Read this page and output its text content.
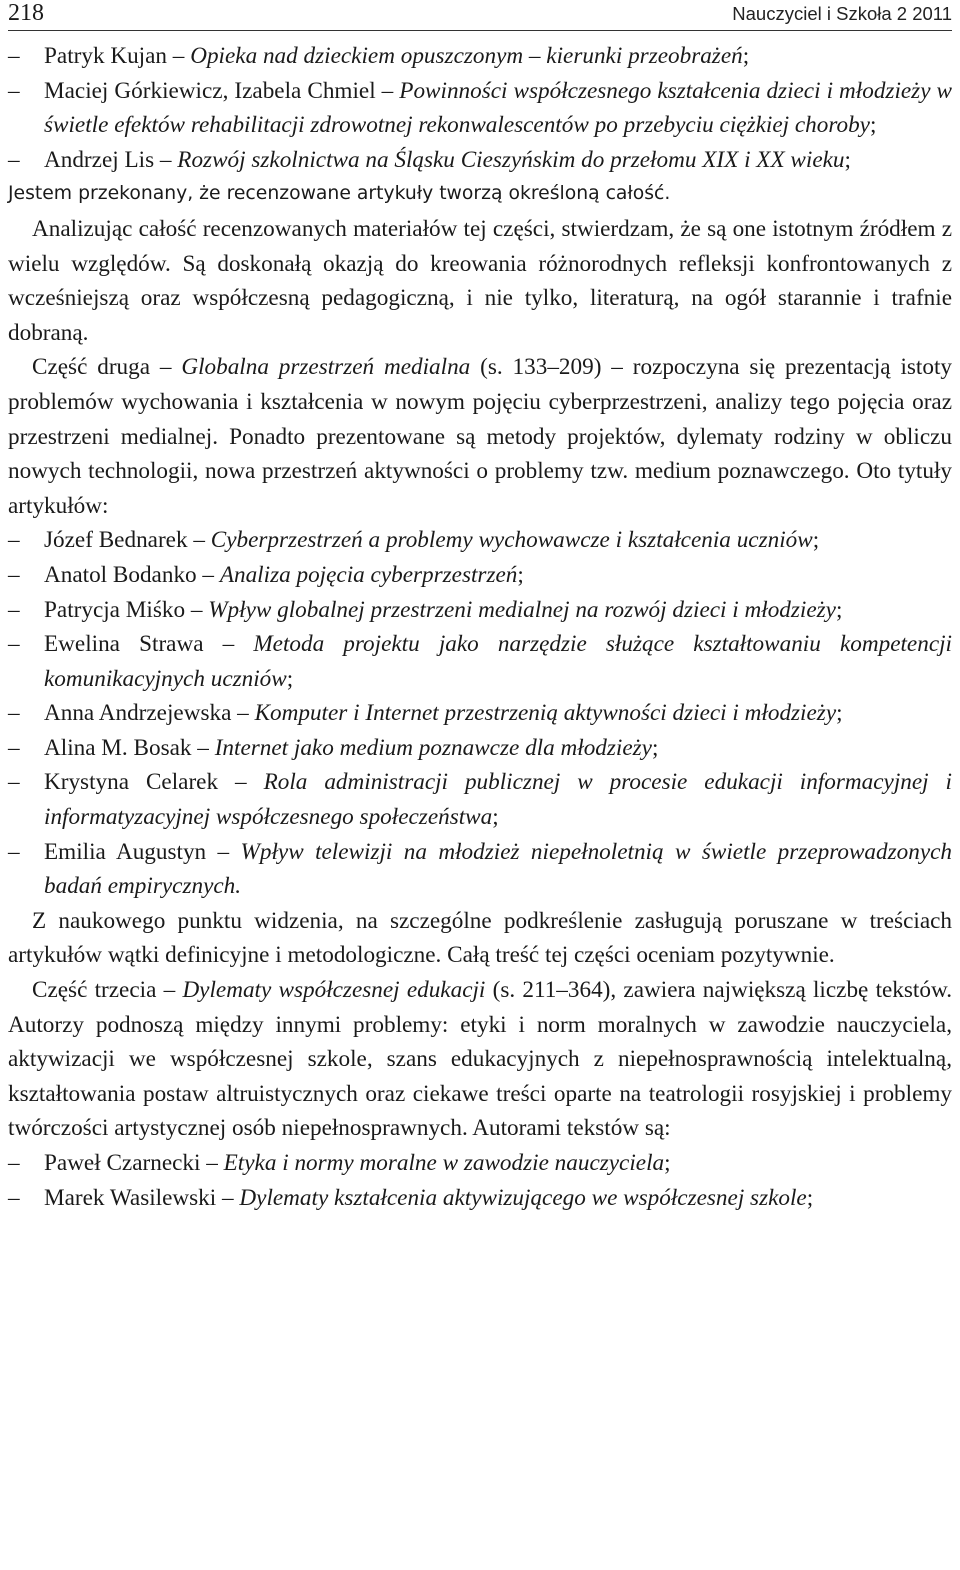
218	Nauczyciel i Szkoła 2 2011
– Patryk Kujan – Opieka nad dzieckiem opuszczonym – kierunki przeobrażeń;
– Maciej Górkiewicz, Izabela Chmiel – Powinności współczesnego kształcenia dzieci i młodzieży w świetle efektów rehabilitacji zdrowotnej rekonwalescentów po przebyciu ciężkiej choroby;
– Andrzej Lis – Rozwój szkolnictwa na Śląsku Cieszyńskim do przełomu XIX i XX wieku;

Jestem przekonany, że recenzowane artykuły tworzą określoną całość.

Analizując całość recenzowanych materiałów tej części, stwierdzam, że są one istotnym źródłem z wielu względów. Są doskonałą okazją do kreowania różnorodnych refleksji konfrontowanych z wcześniejszą oraz współczesną pedagogiczną, i nie tylko, literaturą, na ogół starannie i trafnie dobraną.

Część druga – Globalna przestrzeń medialna (s. 133–209) – rozpoczyna się prezentacją istoty problemów wychowania i kształcenia w nowym pojęciu cyberprzestrzeni, analizy tego pojęcia oraz przestrzeni medialnej. Ponadto prezentowane są metody projektów, dylematy rodziny w obliczu nowych technologii, nowa przestrzeń aktywności o problemy tzw. medium poznawczego. Oto tytuły artykułów:

– Józef Bednarek – Cyberprzestrzeń a problemy wychowawcze i kształcenia uczniów;
– Anatol Bodanko – Analiza pojęcia cyberprzestrzeń;
– Patrycja Miśko – Wpływ globalnej przestrzeni medialnej na rozwój dzieci i młodzieży;
– Ewelina Strawa – Metoda projektu jako narzędzie służące kształtowaniu kompetencji komunikacyjnych uczniów;
– Anna Andrzejewska – Komputer i Internet przestrzenią aktywności dzieci i młodzieży;
– Alina M. Bosak – Internet jako medium poznawcze dla młodzieży;
– Krystyna Celarek – Rola administracji publicznej w procesie edukacji informacyjnej i informatyzacyjnej współczesnego społeczeństwa;
– Emilia Augustyn – Wpływ telewizji na młodzież niepełnoletnią w świetle przeprowadzonych badań empirycznych.

Z naukowego punktu widzenia, na szczególne podkreślenie zasługują poruszane w treściach artykułów wątki definicyjne i metodologiczne. Całą treść tej części oceniam pozytywnie.

Część trzecia – Dylematy współczesnej edukacji (s. 211–364), zawiera największą liczbę tekstów. Autorzy podnoszą między innymi problemy: etyki i norm moralnych w zawodzie nauczyciela, aktywizacji we współczesnej szkole, szans edukacyjnych z niepełnosprawnością intelektualną, kształtowania postaw altruistycznych oraz ciekawe treści oparte na teatrologii rosyjskiej i problemy twórczości artystycznej osób niepełnosprawnych. Autorami tekstów są:

– Paweł Czarnecki – Etyka i normy moralne w zawodzie nauczyciela;
– Marek Wasilewski – Dylematy kształcenia aktywizującego we współczesnej szkole;
